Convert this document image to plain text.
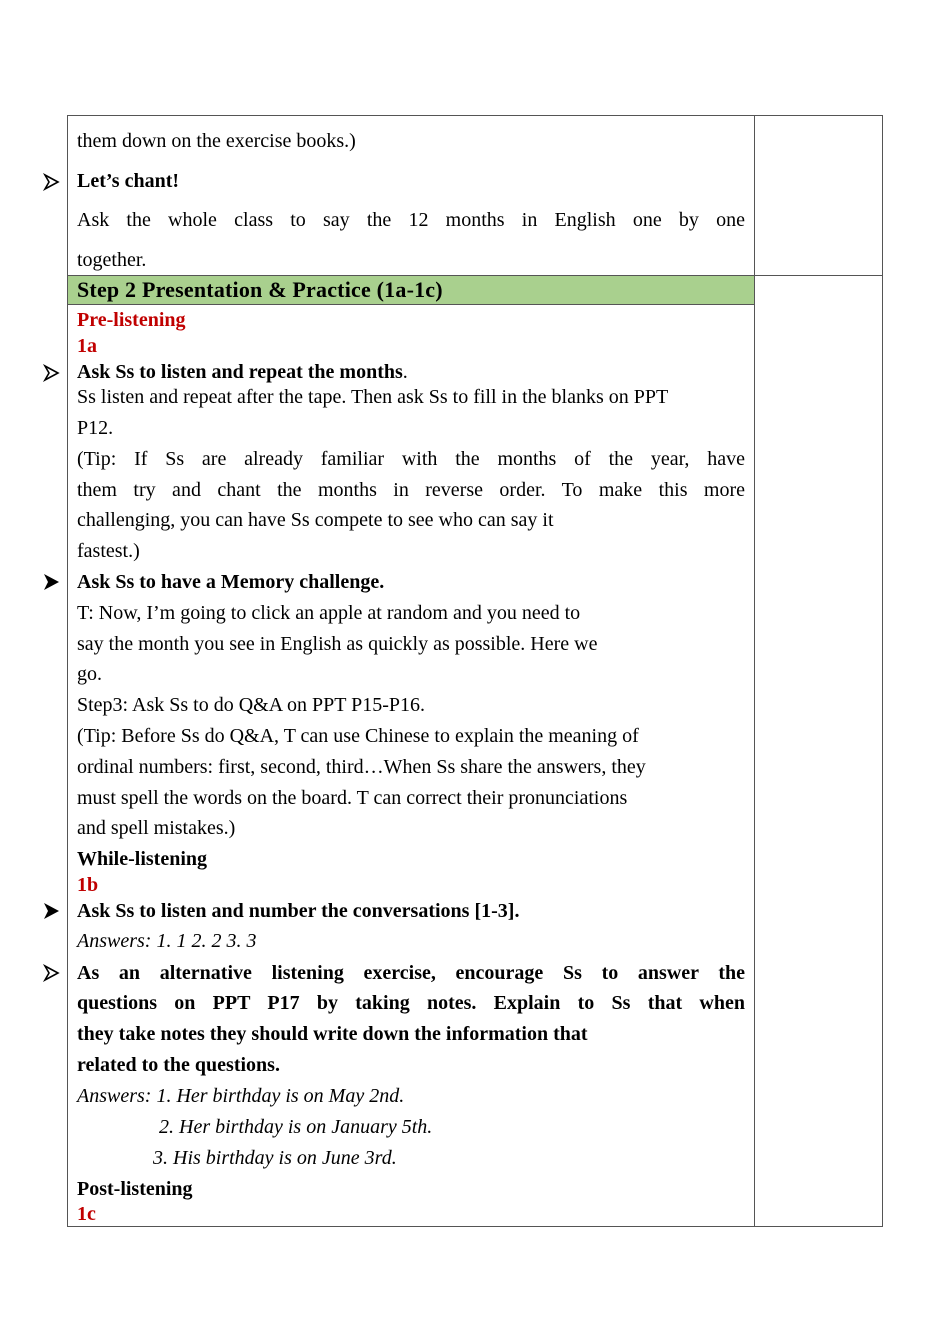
them down on the exercise books.)
Let’s chant!
Ask the whole class to say the 12 months in English one by one
together.
Step 2 Presentation & Practice (1a-1c)
Pre-listening
1a
Ask Ss to listen and repeat the months.
Ss listen and repeat after the tape. Then ask Ss to fill in the blanks on PPT
P12.
(Tip: If Ss are already familiar with the months of the year, have
them try and chant the months in reverse order. To make this more
challenging, you can have Ss compete to see who can say it
fastest.)
Ask Ss to have a Memory challenge.
T: Now, I’m going to click an apple at random and you need to
say the month you see in English as quickly as possible. Here we
go.
Step3: Ask Ss to do Q&A on PPT P15-P16.
(Tip: Before Ss do Q&A, T can use Chinese to explain the meaning of
ordinal numbers: first, second, third…When Ss share the answers, they
must spell the words on the board. T can correct their pronunciations
and spell mistakes.)
While-listening
1b
Ask Ss to listen and number the conversations [1-3].
Answers: 1. 1 2. 2 3. 3
As an alternative listening exercise, encourage Ss to answer the
questions on PPT P17 by taking notes. Explain to Ss that when
they take notes they should write down the information that
related to the questions.
Answers: 1. Her birthday is on May 2nd.
2. Her birthday is on January 5th.
3. His birthday is on June 3rd.
Post-listening
1c
